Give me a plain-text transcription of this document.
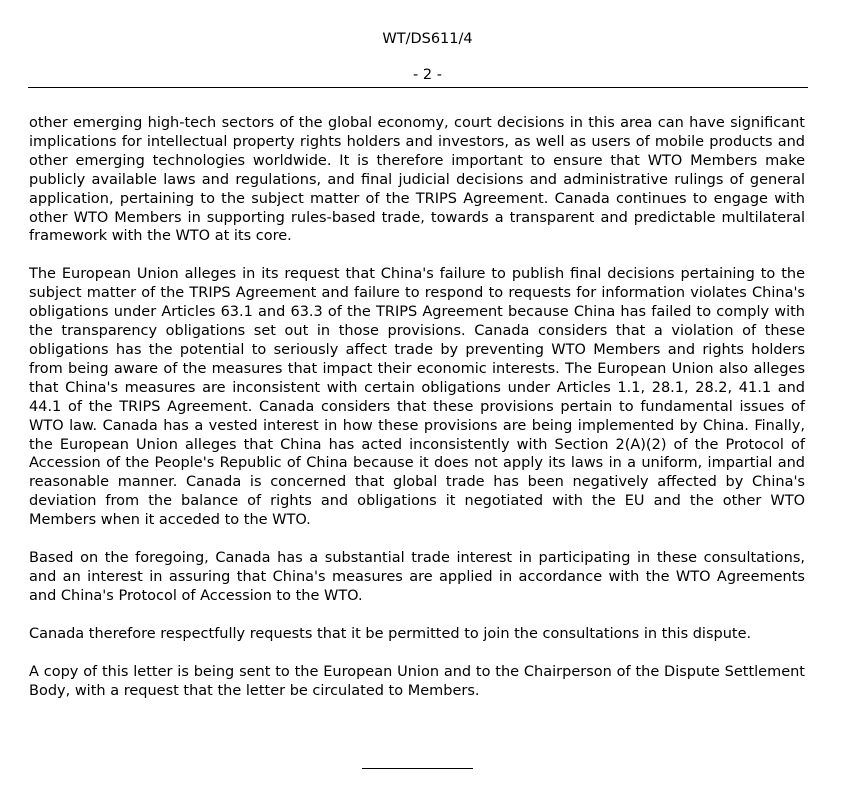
WT/DS611/4
- 2 -

other emerging high-tech sectors of the global economy, court decisions in this area can have significant implications for intellectual property rights holders and investors, as well as users of mobile products and other emerging technologies worldwide. It is therefore important to ensure that WTO Members make publicly available laws and regulations, and final judicial decisions and administrative rulings of general application, pertaining to the subject matter of the TRIPS Agreement. Canada continues to engage with other WTO Members in supporting rules-based trade, towards a transparent and predictable multilateral framework with the WTO at its core.

The European Union alleges in its request that China's failure to publish final decisions pertaining to the subject matter of the TRIPS Agreement and failure to respond to requests for information violates China's obligations under Articles 63.1 and 63.3 of the TRIPS Agreement because China has failed to comply with the transparency obligations set out in those provisions. Canada considers that a violation of these obligations has the potential to seriously affect trade by preventing WTO Members and rights holders from being aware of the measures that impact their economic interests. The European Union also alleges that China's measures are inconsistent with certain obligations under Articles 1.1, 28.1, 28.2, 41.1 and 44.1 of the TRIPS Agreement. Canada considers that these provisions pertain to fundamental issues of WTO law. Canada has a vested interest in how these provisions are being implemented by China. Finally, the European Union alleges that China has acted inconsistently with Section 2(A)(2) of the Protocol of Accession of the People's Republic of China because it does not apply its laws in a uniform, impartial and reasonable manner. Canada is concerned that global trade has been negatively affected by China's deviation from the balance of rights and obligations it negotiated with the EU and the other WTO Members when it acceded to the WTO.

Based on the foregoing, Canada has a substantial trade interest in participating in these consultations, and an interest in assuring that China's measures are applied in accordance with the WTO Agreements and China's Protocol of Accession to the WTO.

Canada therefore respectfully requests that it be permitted to join the consultations in this dispute.

A copy of this letter is being sent to the European Union and to the Chairperson of the Dispute Settlement Body, with a request that the letter be circulated to Members.
